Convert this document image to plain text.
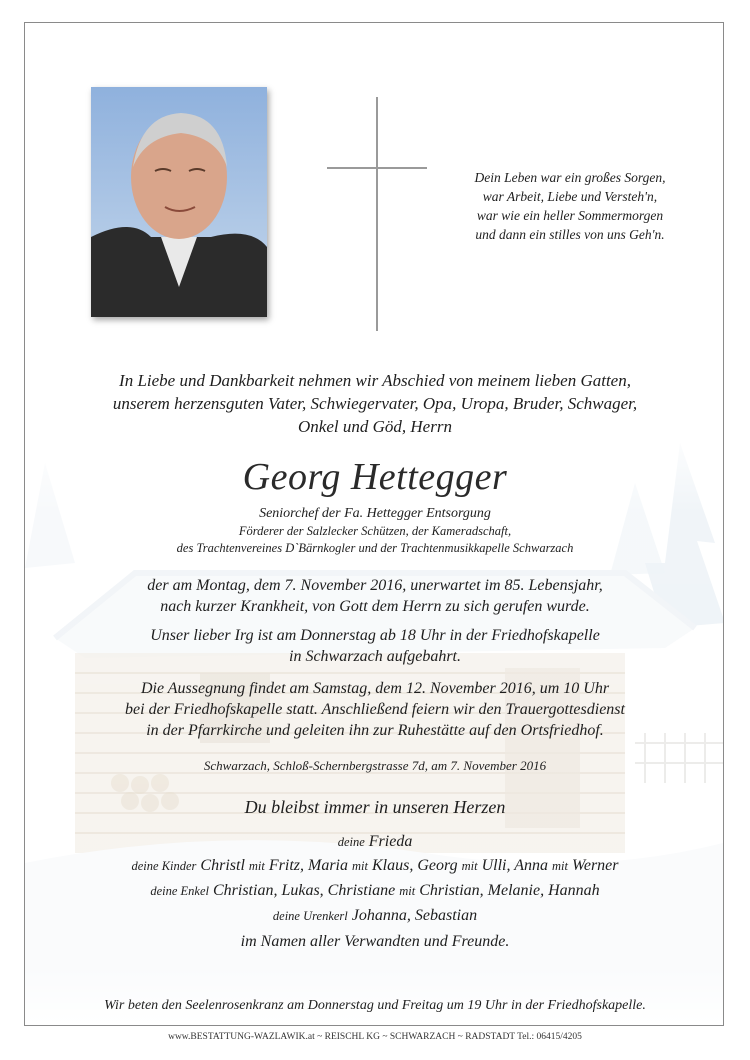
Dein Leben war ein großes Sorgen,
war Arbeit, Liebe und Versteh'n,
war wie ein heller Sommermorgen
und dann ein stilles von uns Geh'n.
In Liebe und Dankbarkeit nehmen wir Abschied von meinem lieben Gatten,
unserem herzensguten Vater, Schwiegervater, Opa, Uropa, Bruder, Schwager,
Onkel und Göd, Herrn
Georg Hettegger
Seniorchef der Fa. Hettegger Entsorgung
Förderer der Salzlecker Schützen, der Kameradschaft,
des Trachtenvereines D`Bärnkogler und der Trachtenmusikkapelle Schwarzach
der am Montag, dem 7. November 2016, unerwartet im 85. Lebensjahr,
nach kurzer Krankheit, von Gott dem Herrn zu sich gerufen wurde.
Unser lieber Irg ist am Donnerstag ab 18 Uhr in der Friedhofskapelle
in Schwarzach aufgebahrt.
Die Aussegnung findet am Samstag, dem 12. November 2016, um 10 Uhr
bei der Friedhofskapelle statt. Anschließend feiern wir den Trauergottesdienst
in der Pfarrkirche und geleiten ihn zur Ruhestätte auf den Ortsfriedhof.
Schwarzach, Schloß-Schernbergstrasse 7d, am 7. November 2016
Du bleibst immer in unseren Herzen
deine Frieda
deine Kinder Christl mit Fritz, Maria mit Klaus, Georg mit Ulli, Anna mit Werner
deine Enkel Christian, Lukas, Christiane mit Christian, Melanie, Hannah
deine Urenkerl Johanna, Sebastian
im Namen aller Verwandten und Freunde.
Wir beten den Seelenrosenkranz am Donnerstag und Freitag um 19 Uhr in der Friedhofskapelle.
www.BESTATTUNG-WAZLAWIK.at ~ REISCHL KG ~ SCHWARZACH ~ RADSTADT Tel.: 06415/4205
